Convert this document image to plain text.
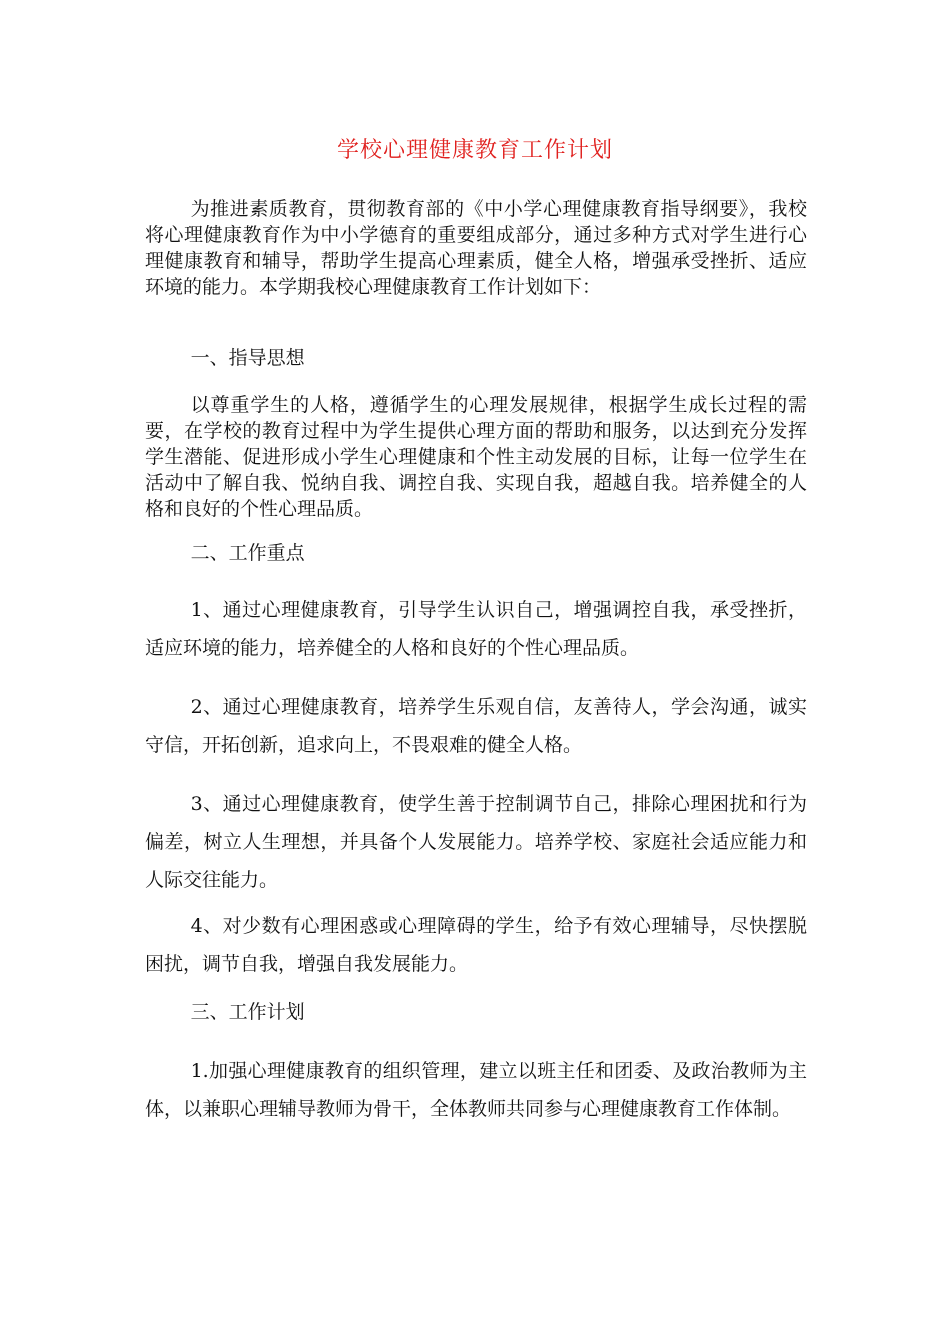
学校心理健康教育工作计划

为推进素质教育，贯彻教育部的《中小学心理健康教育指导纲要》，我校将心理健康教育作为中小学德育的重要组成部分，通过多种方式对学生进行心理健康教育和辅导，帮助学生提高心理素质，健全人格，增强承受挫折、适应环境的能力。本学期我校心理健康教育工作计划如下：

一、指导思想

以尊重学生的人格，遵循学生的心理发展规律，根据学生成长过程的需要，在学校的教育过程中为学生提供心理方面的帮助和服务，以达到充分发挥学生潜能、促进形成小学生心理健康和个性主动发展的目标，让每一位学生在活动中了解自我、悦纳自我、调控自我、实现自我，超越自我。培养健全的人格和良好的个性心理品质。

二、工作重点

1、通过心理健康教育，引导学生认识自己，增强调控自我，承受挫折，适应环境的能力，培养健全的人格和良好的个性心理品质。

2、通过心理健康教育，培养学生乐观自信，友善待人，学会沟通，诚实守信，开拓创新，追求向上，不畏艰难的健全人格。

3、通过心理健康教育，使学生善于控制调节自己，排除心理困扰和行为偏差，树立人生理想，并具备个人发展能力。培养学校、家庭社会适应能力和人际交往能力。

4、对少数有心理困惑或心理障碍的学生，给予有效心理辅导，尽快摆脱困扰，调节自我，增强自我发展能力。

三、工作计划

1.加强心理健康教育的组织管理，建立以班主任和团委、及政治教师为主体，以兼职心理辅导教师为骨干，全体教师共同参与心理健康教育工作体制。
